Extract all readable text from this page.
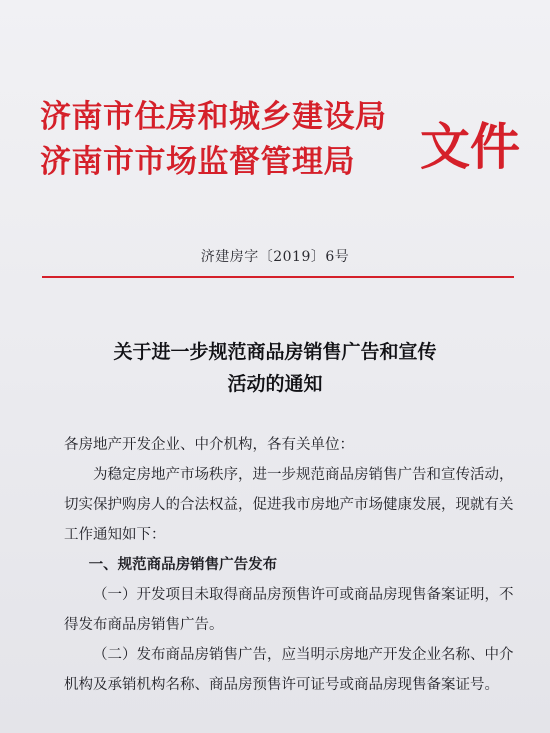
济南市住房和城乡建设局
济南市市场监督管理局	文件
济建房字〔2019〕6号
关于进一步规范商品房销售广告和宣传
活动的通知

各房地产开发企业、中介机构，各有关单位：

为稳定房地产市场秩序，进一步规范商品房销售广告和宣传活动，切实保护购房人的合法权益，促进我市房地产市场健康发展，现就有关工作通知如下：

一、规范商品房销售广告发布

（一）开发项目未取得商品房预售许可或商品房现售备案证明，不得发布商品房销售广告。

（二）发布商品房销售广告，应当明示房地产开发企业名称、中介机构及承销机构名称、商品房预售许可证号或商品房现售备案证号。
